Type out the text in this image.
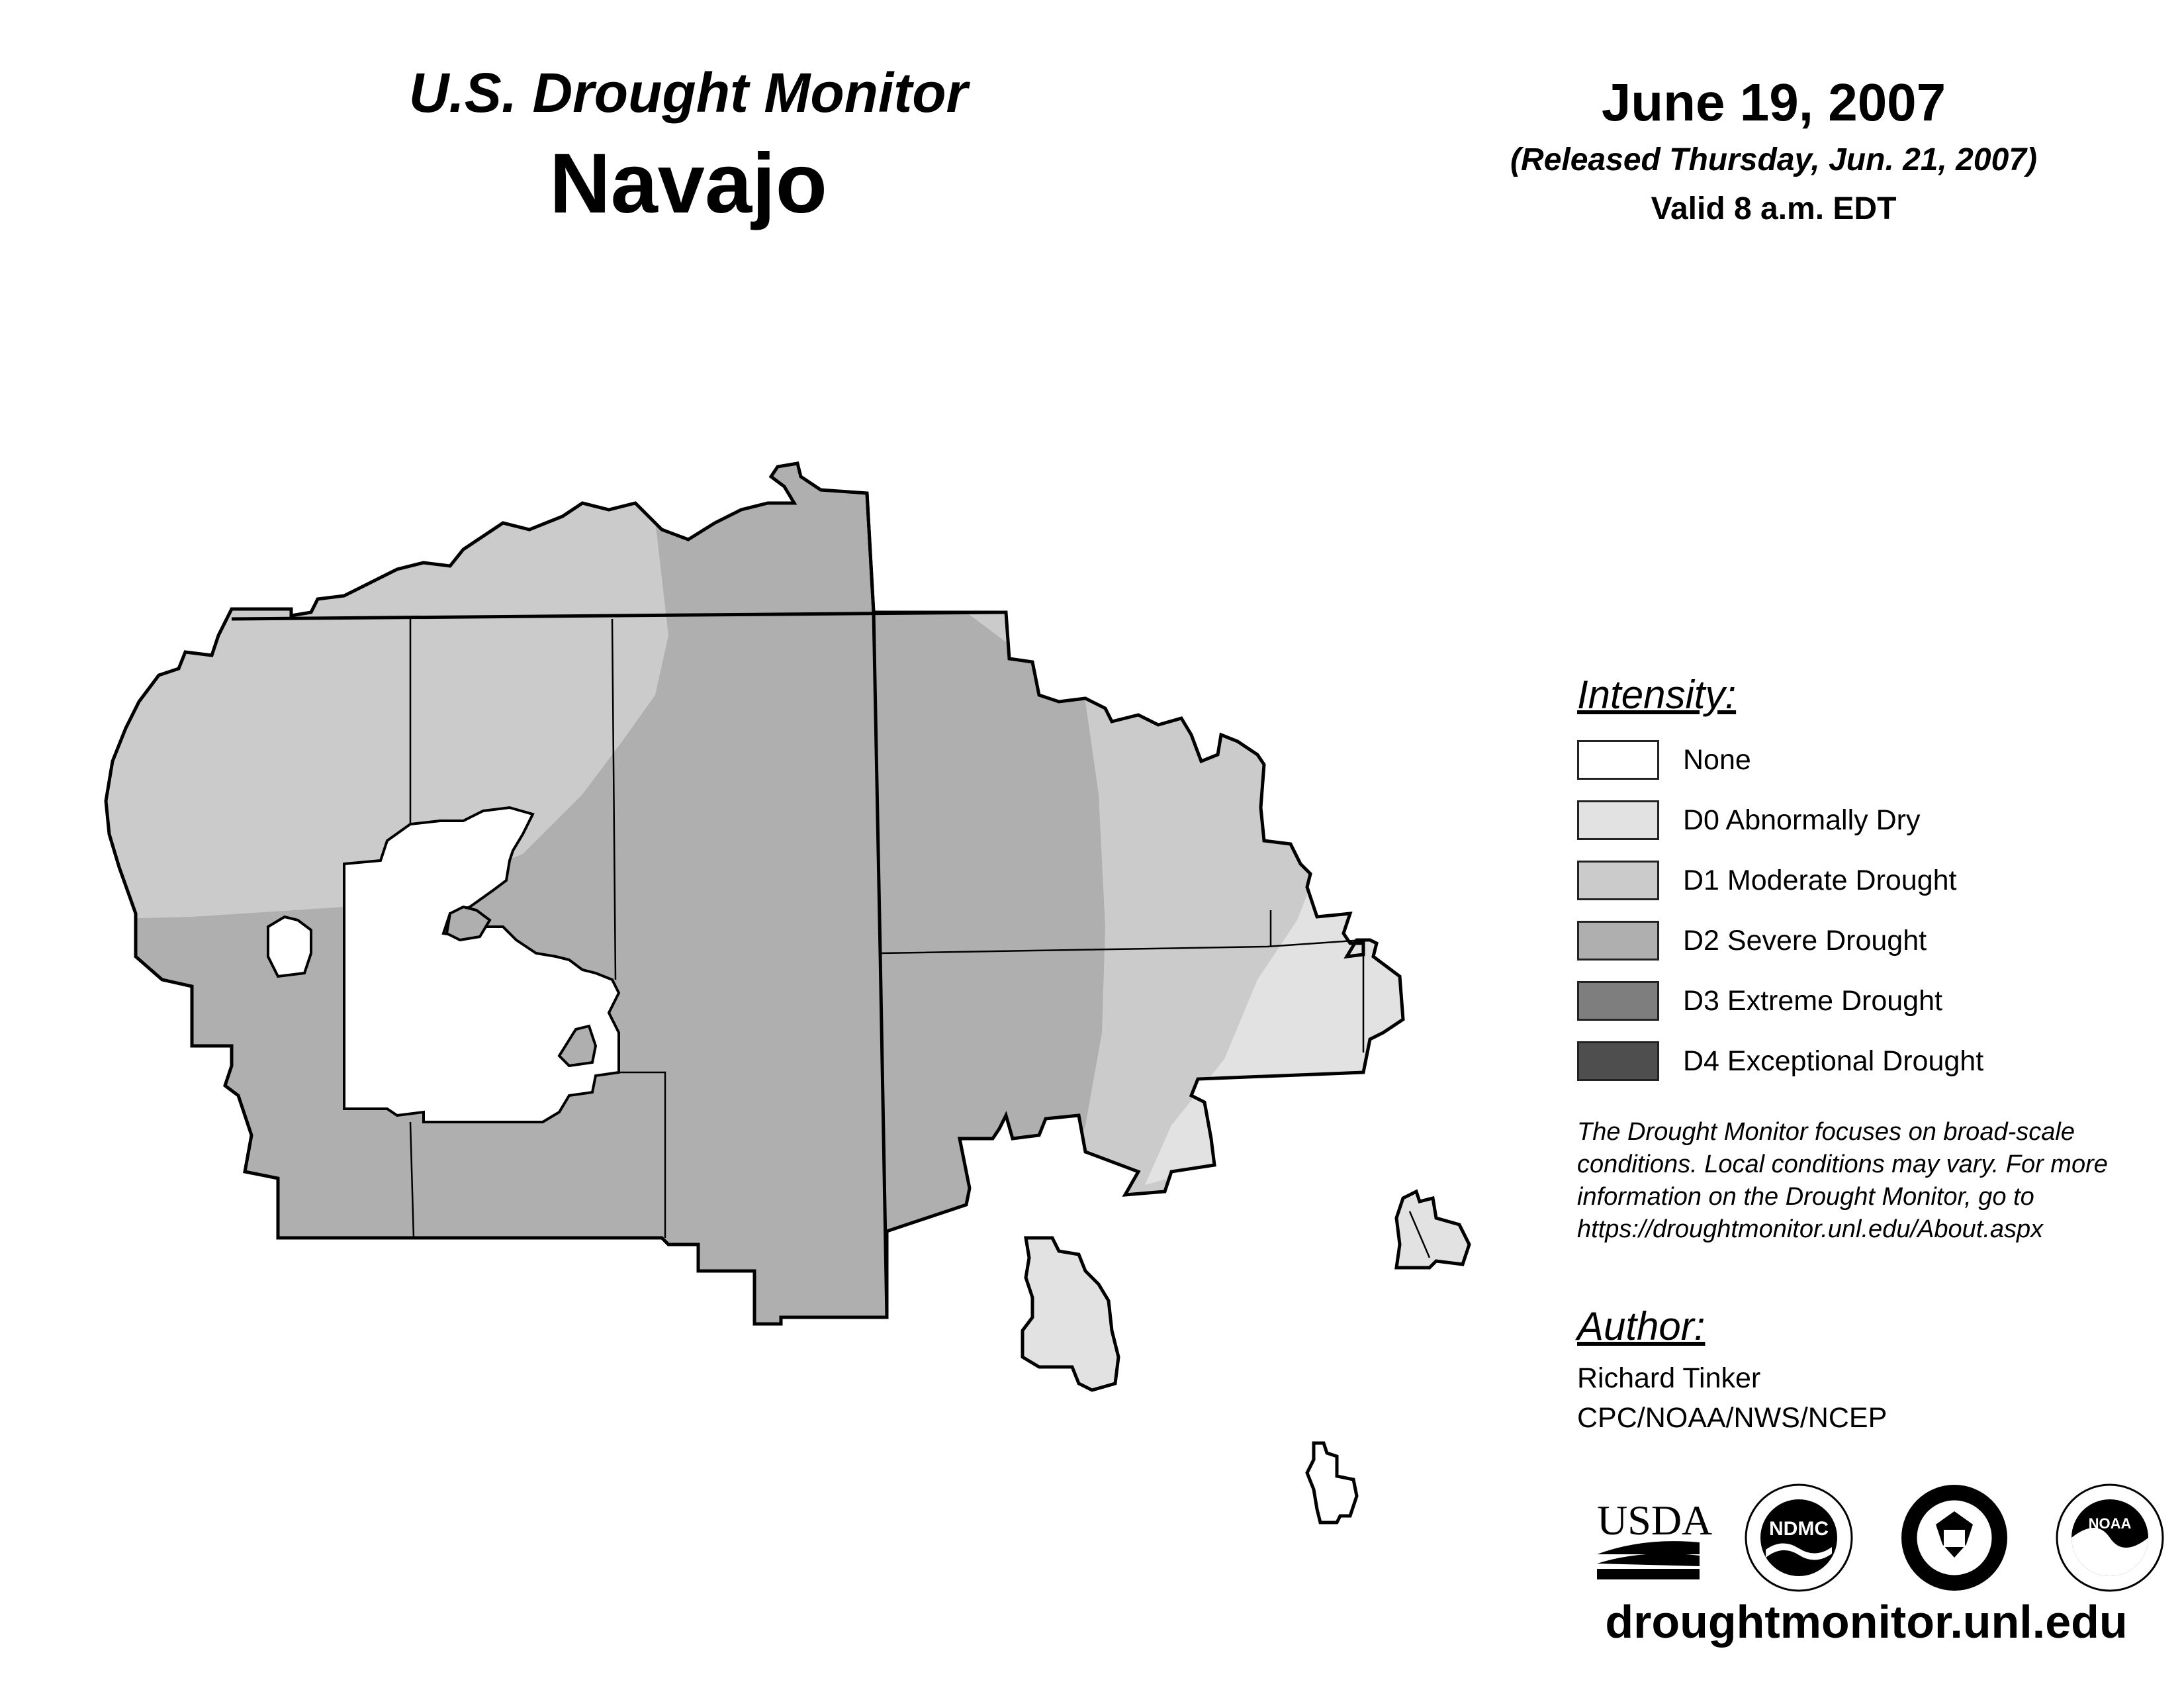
U.S. Drought Monitor
Navajo
June 19, 2007
(Released Thursday, Jun. 21, 2007)
Valid 8 a.m. EDT
Intensity:
None
D0 Abnormally Dry
D1 Moderate Drought
D2 Severe Drought
D3 Extreme Drought
D4 Exceptional Drought
The Drought Monitor focuses on broad-scale
conditions. Local conditions may vary. For more
information on the Drought Monitor, go to
https://droughtmonitor.unl.edu/About.aspx
Author:
Richard Tinker
CPC/NOAA/NWS/NCEP
USDA	NDMC	NOAA
droughtmonitor.unl.edu
